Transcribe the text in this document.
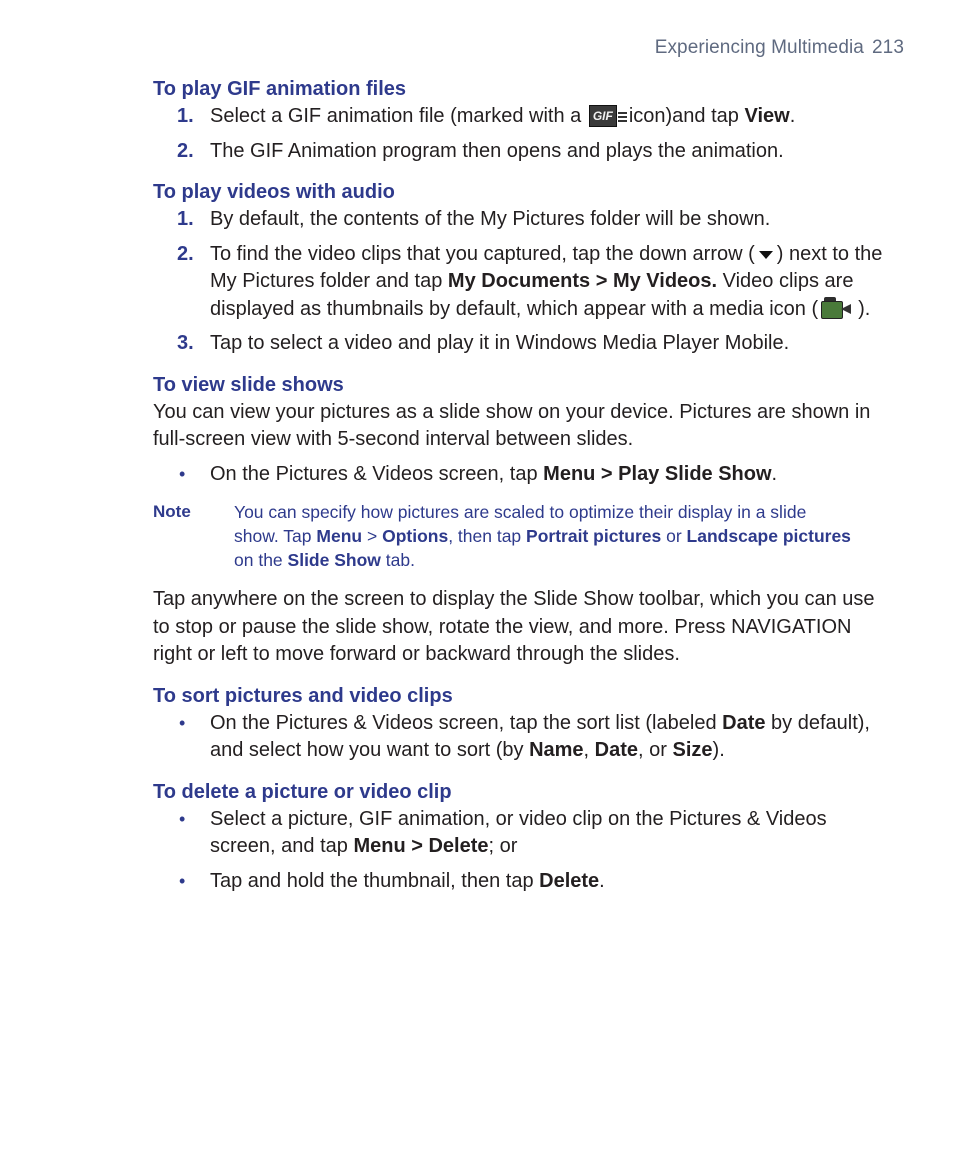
Experiencing Multimedia 213
To play GIF animation files
1. Select a GIF animation file (marked with a GIF icon)and tap View.
2. The GIF Animation program then opens and plays the animation.
To play videos with audio
1. By default, the contents of the My Pictures folder will be shown.
2. To find the video clips that you captured, tap the down arrow ( ) next to the My Pictures folder and tap My Documents > My Videos. Video clips are displayed as thumbnails by default, which appear with a media icon ( ).
3. Tap to select a video and play it in Windows Media Player Mobile.
To view slide shows

You can view your pictures as a slide show on your device. Pictures are shown in full-screen view with 5-second interval between slides.

• On the Pictures & Videos screen, tap Menu > Play Slide Show.
Note	You can specify how pictures are scaled to optimize their display in a slide show. Tap Menu > Options, then tap Portrait pictures or Landscape pictures on the Slide Show tab.

Tap anywhere on the screen to display the Slide Show toolbar, which you can use to stop or pause the slide show, rotate the view, and more. Press NAVIGATION right or left to move forward or backward through the slides.

To sort pictures and video clips
• On the Pictures & Videos screen, tap the sort list (labeled Date by default), and select how you want to sort (by Name, Date, or Size).
To delete a picture or video clip
• Select a picture, GIF animation, or video clip on the Pictures & Videos screen, and tap Menu > Delete; or
• Tap and hold the thumbnail, then tap Delete.
